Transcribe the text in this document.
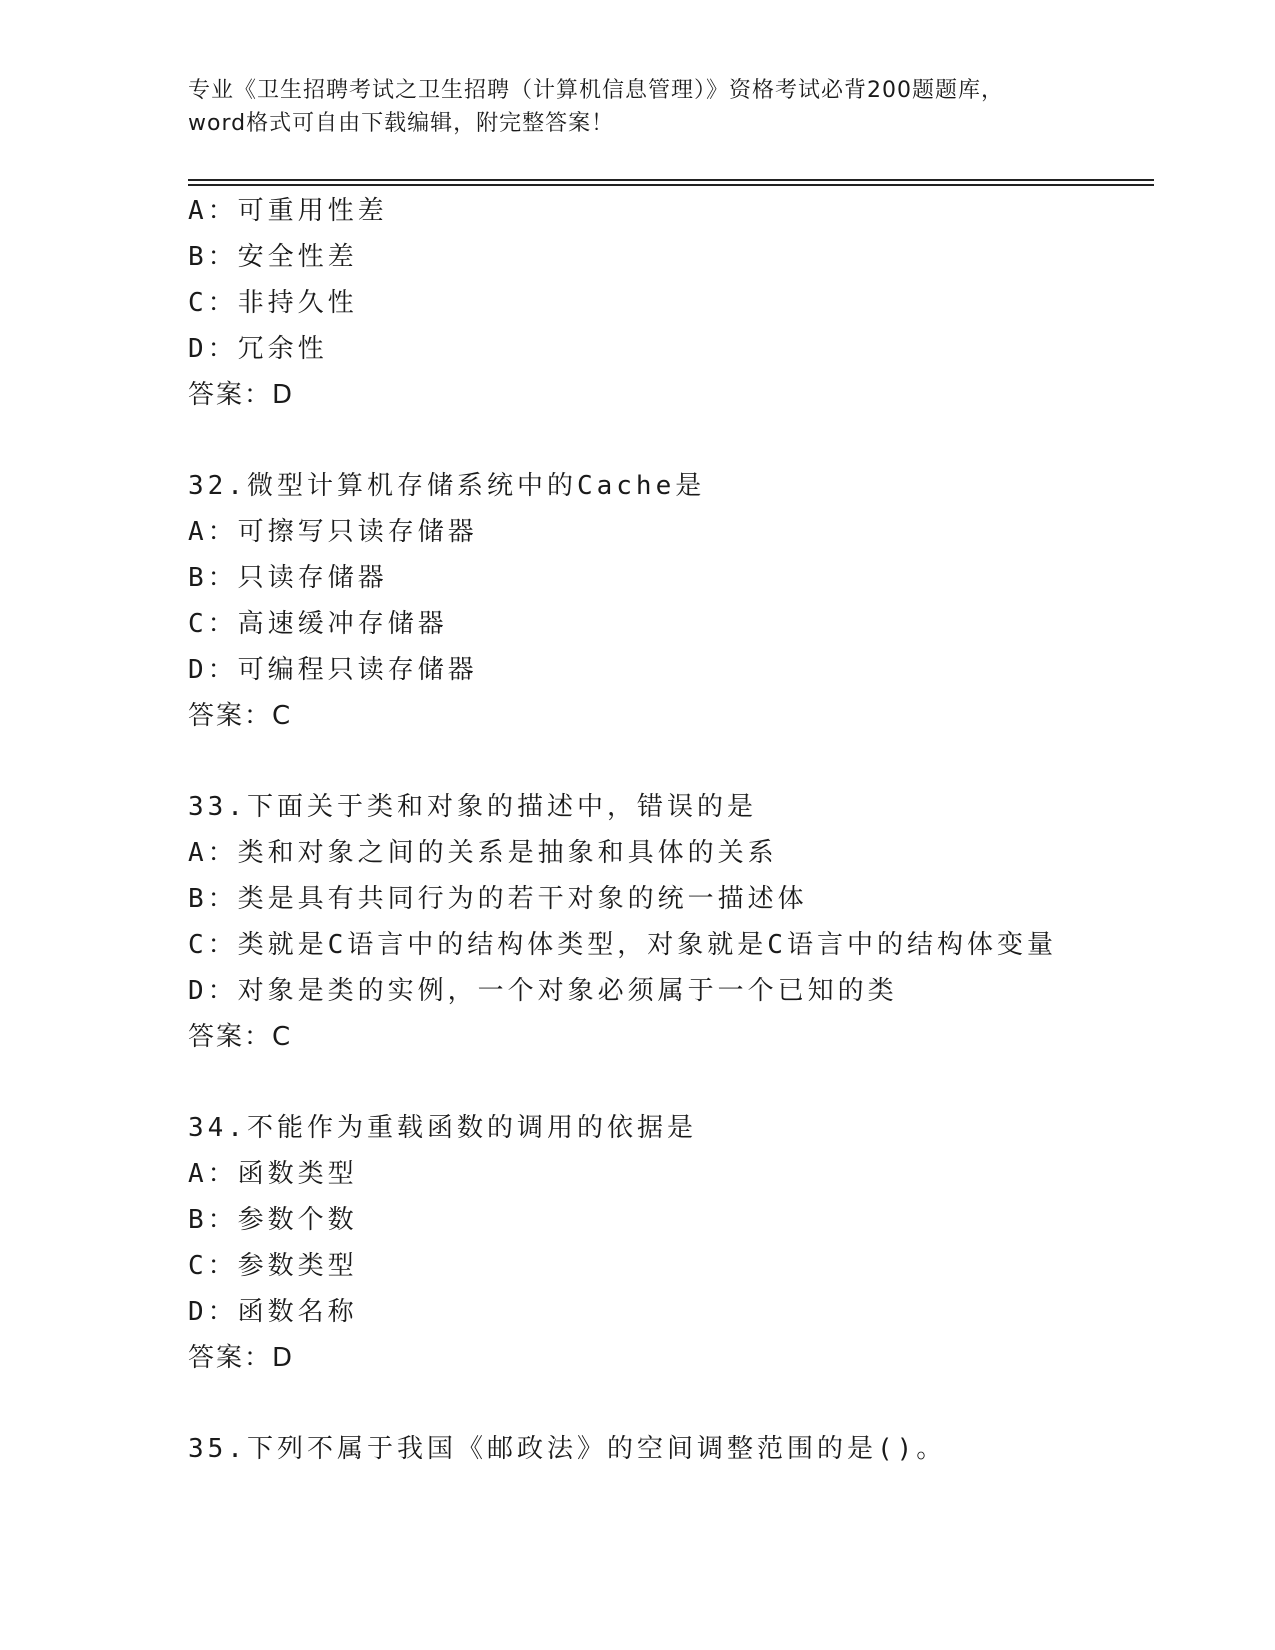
专业《卫生招聘考试之卫生招聘（计算机信息管理）》资格考试必背200题题库，
word格式可自由下载编辑，附完整答案！
A：可重用性差
B：安全性差
C：非持久性
D：冗余性
答案：D
32.微型计算机存储系统中的Cache是
A：可擦写只读存储器
B：只读存储器
C：高速缓冲存储器
D：可编程只读存储器
答案：C
33.下面关于类和对象的描述中，错误的是
A：类和对象之间的关系是抽象和具体的关系
B：类是具有共同行为的若干对象的统一描述体
C：类就是C语言中的结构体类型，对象就是C语言中的结构体变量
D：对象是类的实例，一个对象必须属于一个已知的类
答案：C
34.不能作为重载函数的调用的依据是
A：函数类型
B：参数个数
C：参数类型
D：函数名称
答案：D
35.下列不属于我国《邮政法》的空间调整范围的是()。
